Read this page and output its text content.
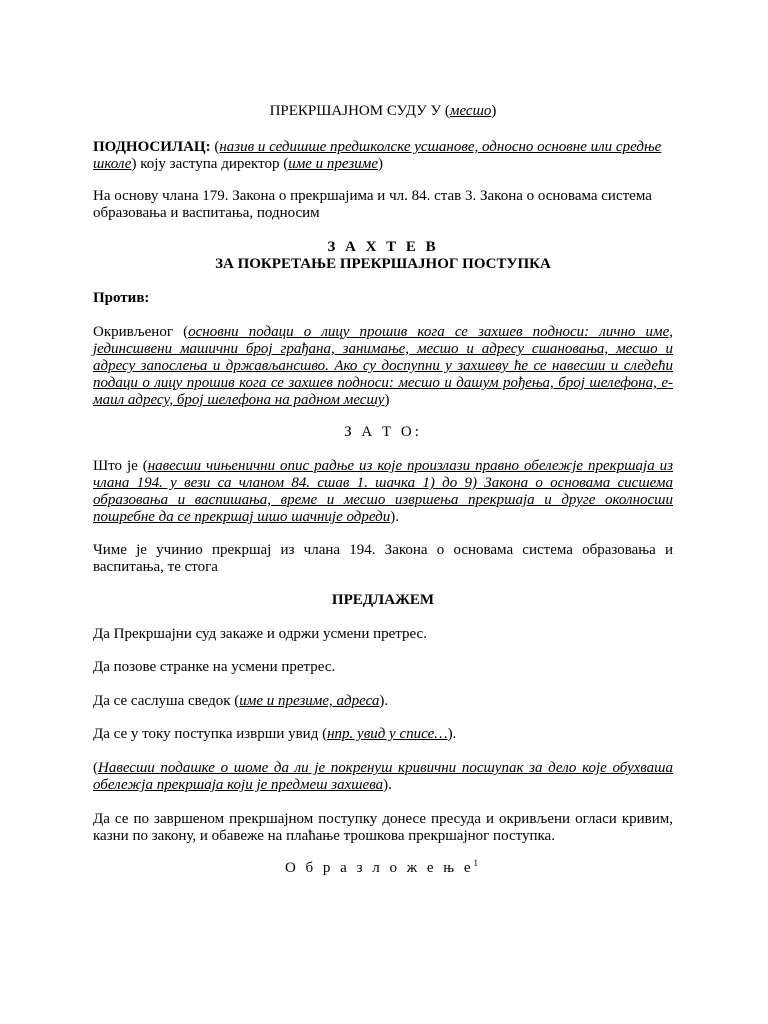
ПРЕКРШАЈНОМ СУДУ У (месшо)
ПОДНОСИЛАЦ: (назив и седишше предшколске усшанове, односно основне или средње школе) коју заступа директор (име и презиме)
На основу члана 179. Закона о прекршајима и чл. 84. став 3. Закона о основама система образовања и васпитања, подносим
З А Х Т Е В
ЗА ПОКРЕТАЊЕ ПРЕКРШАЈНОГ ПОСТУПКА
Против:
Окривљеног (основни подаци о лицу прошив кога се захшев подноси: лично име, јединсшвени машични број грађана, занимање, месшо и адресу сшановања, месшо и адресу запослења и држављансшво. Ако су доспупни у захшеву ће се навесши и следећи подаци о лицу прошив кога се захшев подноси: месшо и дашум рођења, број шелефона, е-маил адресу, број шелефона на радном месшу)
З А Т О:
Што је (навесши чињенични опис радње из које произлази правно обележје прекршаја из члана 194. у вези са чланом 84. сшав 1. шачка 1) до 9) Закона о основама сисшема образовања и васпишања, време и месшо извршења прекршаја и друге околносши пошребне да се прекршај шшо шачније одреди).
Чиме је учинио прекршај из члана 194. Закона о основама система образовања и васпитања, те стога
ПРЕДЛАЖЕМ
Да Прекршајни суд закаже и одржи усмени претрес.
Да позове странке на усмени претрес.
Да се саслуша сведок (име и презиме, адреса).
Да се у току поступка изврши увид (нпр. увид у списе…).
(Навесши подашке о шоме да ли је покренуш кривични посшупак за дело које обухваша обележја прекршаја који је предмеш захшева).
Да се по завршеном прекршајном поступку донесе пресуда и окривљени огласи кривим, казни по закону, и обавеже на плаћање трошкова прекршајног поступка.
О б р а з л о ж е њ $е^1$
